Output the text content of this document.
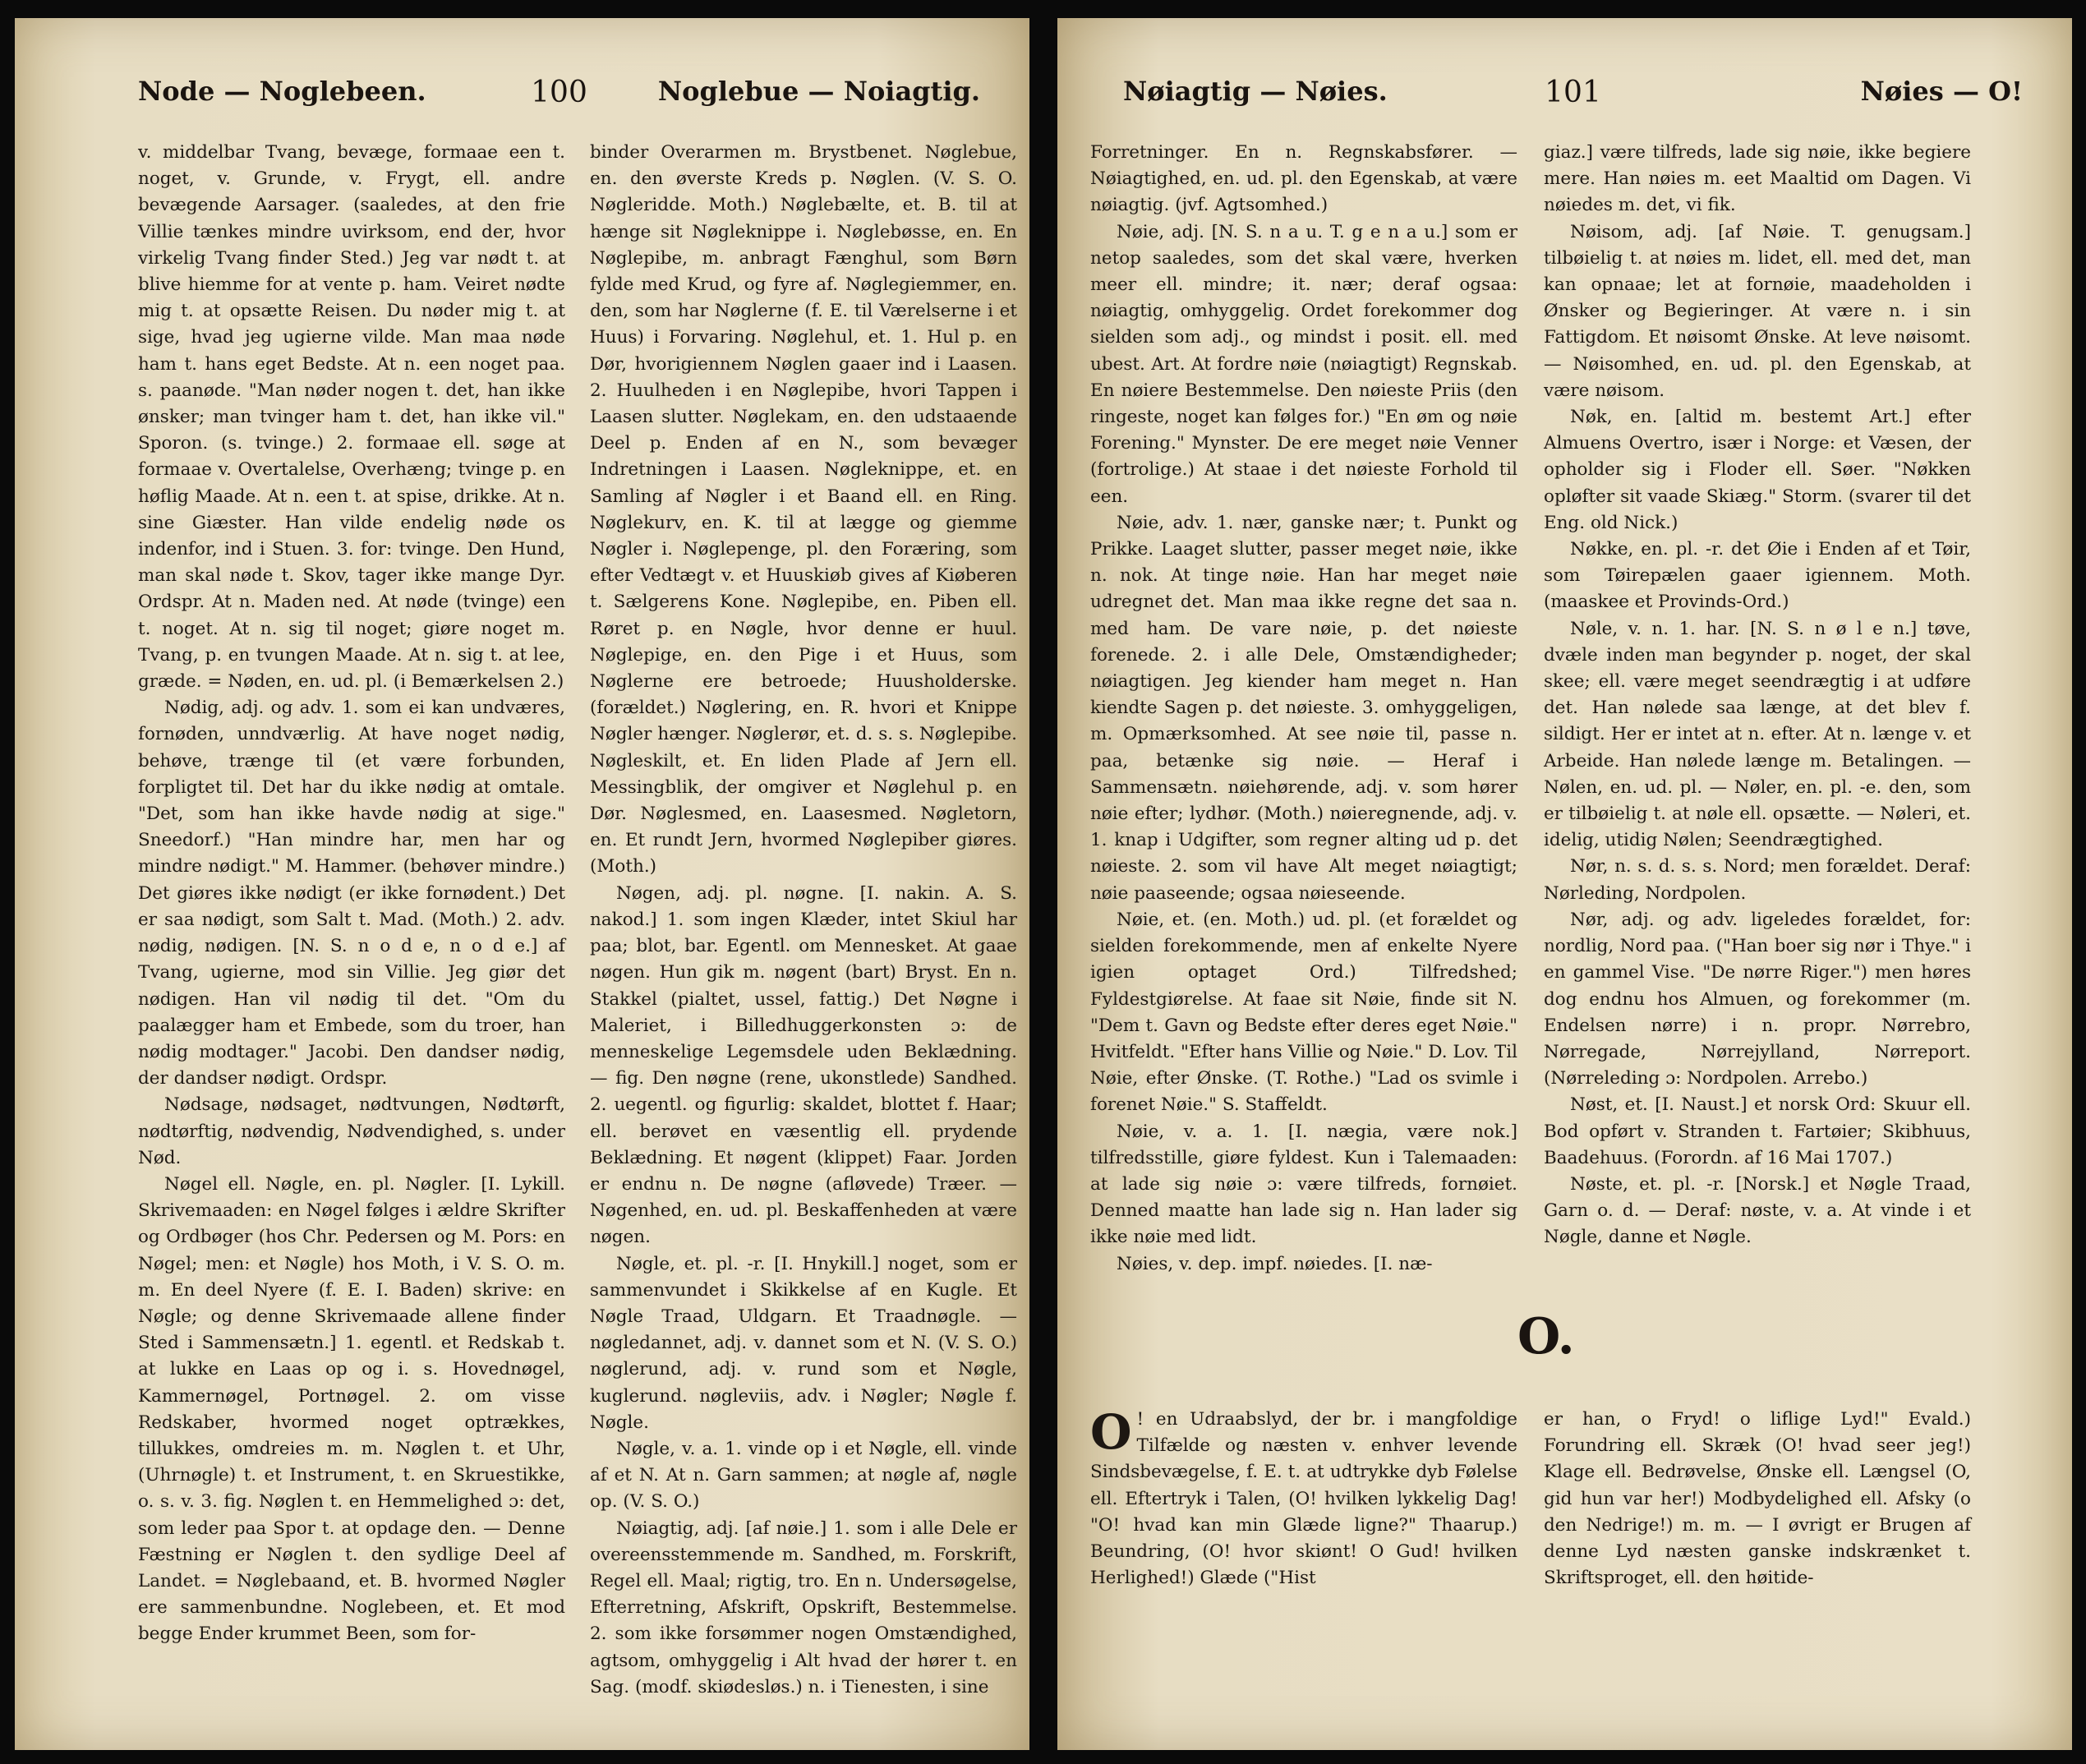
Node — Noglebeen.	100	Noglebue — Noiagtig.

v. middelbar Tvang, bevæge, formaae een t. noget, v. Grunde, v. Frygt, ell. andre bevægende Aarsager. (saaledes, at den frie Villie tænkes mindre uvirksom, end der, hvor virkelig Tvang finder Sted.) Jeg var nødt t. at blive hiemme for at vente p. ham. Veiret nødte mig t. at opsætte Reisen. Du nøder mig t. at sige, hvad jeg ugierne vilde. Man maa nøde ham t. hans eget Bedste. At n. een noget paa. s. paanøde. "Man nøder nogen t. det, han ikke ønsker; man tvinger ham t. det, han ikke vil." Sporon. (s. tvinge.) 2. formaae ell. søge at formaae v. Overtalelse, Overhæng; tvinge p. en høflig Maade. At n. een t. at spise, drikke. At n. sine Giæster. Han vilde endelig nøde os indenfor, ind i Stuen. 3. for: tvinge. Den Hund, man skal nøde t. Skov, tager ikke mange Dyr. Ordspr. At n. Maden ned. At nøde (tvinge) een t. noget. At n. sig til noget; giøre noget m. Tvang, p. en tvungen Maade. At n. sig t. at lee, græde. = Nøden, en. ud. pl. (i Bemærkelsen 2.)

Nødig, adj. og adv. 1. som ei kan undværes, fornøden, unndværlig. At have noget nødig, behøve, trænge til (et være forbunden, forpligtet til. Det har du ikke nødig at omtale. "Det, som han ikke havde nødig at sige." Sneedorf.) "Han mindre har, men har og mindre nødigt." M. Hammer. (behøver mindre.) Det giøres ikke nødigt (er ikke fornødent.) Det er saa nødigt, som Salt t. Mad. (Moth.) 2. adv. nødig, nødigen. [N. S. n o d e, n o d e.] af Tvang, ugierne, mod sin Villie. Jeg giør det nødigen. Han vil nødig til det. "Om du paalægger ham et Embede, som du troer, han nødig modtager." Jacobi. Den dandser nødig, der dandser nødigt. Ordspr.

Nødsage, nødsaget, nødtvungen, Nødtørft, nødtørftig, nødvendig, Nødvendighed, s. under Nød.

Nøgel ell. Nøgle, en. pl. Nøgler. [I. Lykill. Skrivemaaden: en Nøgel følges i ældre Skrifter og Ordbøger (hos Chr. Pedersen og M. Pors: en Nøgel; men: et Nøgle) hos Moth, i V. S. O. m. m. En deel Nyere (f. E. I. Baden) skrive: en Nøgle; og denne Skrivemaade allene finder Sted i Sammensætn.] 1. egentl. et Redskab t. at lukke en Laas op og i. s. Hovednøgel, Kammernøgel, Portnøgel. 2. om visse Redskaber, hvormed noget optrækkes, tillukkes, omdreies m. m. Nøglen t. et Uhr, (Uhrnøgle) t. et Instrument, t. en Skruestikke, o. s. v. 3. fig. Nøglen t. en Hemmelighed ɔ: det, som leder paa Spor t. at opdage den. — Denne Fæstning er Nøglen t. den sydlige Deel af Landet. = Nøglebaand, et. B. hvormed Nøgler ere sammenbundne. Noglebeen, et. Et mod begge Ender krummet Been, som for-

binder Overarmen m. Brystbenet. Nøglebue, en. den øverste Kreds p. Nøglen. (V. S. O. Nøgleridde. Moth.) Nøglebælte, et. B. til at hænge sit Nøgleknippe i. Nøglebøsse, en. En Nøglepibe, m. anbragt Fænghul, som Børn fylde med Krud, og fyre af. Nøglegiemmer, en. den, som har Nøglerne (f. E. til Værelserne i et Huus) i Forvaring. Nøglehul, et. 1. Hul p. en Dør, hvorigiennem Nøglen gaaer ind i Laasen. 2. Huulheden i en Nøglepibe, hvori Tappen i Laasen slutter. Nøglekam, en. den udstaaende Deel p. Enden af en N., som bevæger Indretningen i Laasen. Nøgleknippe, et. en Samling af Nøgler i et Baand ell. en Ring. Nøglekurv, en. K. til at lægge og giemme Nøgler i. Nøglepenge, pl. den Foræring, som efter Vedtægt v. et Huuskiøb gives af Kiøberen t. Sælgerens Kone. Nøglepibe, en. Piben ell. Røret p. en Nøgle, hvor denne er huul. Nøglepige, en. den Pige i et Huus, som Nøglerne ere betroede; Huusholderske. (forældet.) Nøglering, en. R. hvori et Knippe Nøgler hænger. Nøglerør, et. d. s. s. Nøglepibe. Nøgleskilt, et. En liden Plade af Jern ell. Messingblik, der omgiver et Nøglehul p. en Dør. Nøglesmed, en. Laasesmed. Nøgletorn, en. Et rundt Jern, hvormed Nøglepiber giøres. (Moth.)

Nøgen, adj. pl. nøgne. [I. nakin. A. S. nakod.] 1. som ingen Klæder, intet Skiul har paa; blot, bar. Egentl. om Mennesket. At gaae nøgen. Hun gik m. nøgent (bart) Bryst. En n. Stakkel (pialtet, ussel, fattig.) Det Nøgne i Maleriet, i Billedhuggerkonsten ɔ: de menneskelige Legemsdele uden Beklædning. — fig. Den nøgne (rene, ukonstlede) Sandhed. 2. uegentl. og figurlig: skaldet, blottet f. Haar; ell. berøvet en væsentlig ell. prydende Beklædning. Et nøgent (klippet) Faar. Jorden er endnu n. De nøgne (afløvede) Træer. — Nøgenhed, en. ud. pl. Beskaffenheden at være nøgen.

Nøgle, et. pl. -r. [I. Hnykill.] noget, som er sammenvundet i Skikkelse af en Kugle. Et Nøgle Traad, Uldgarn. Et Traadnøgle. — nøgledannet, adj. v. dannet som et N. (V. S. O.) nøglerund, adj. v. rund som et Nøgle, kuglerund. nøgleviis, adv. i Nøgler; Nøgle f. Nøgle.

Nøgle, v. a. 1. vinde op i et Nøgle, ell. vinde af et N. At n. Garn sammen; at nøgle af, nøgle op. (V. S. O.)

Nøiagtig, adj. [af nøie.] 1. som i alle Dele er overeensstemmende m. Sandhed, m. Forskrift, Regel ell. Maal; rigtig, tro. En n. Undersøgelse, Efterretning, Afskrift, Opskrift, Bestemmelse. 2. som ikke forsømmer nogen Omstændighed, agtsom, omhyggelig i Alt hvad der hører t. en Sag. (modf. skiødesløs.) n. i Tienesten, i sine

Nøiagtig — Nøies.	101	Nøies — O!

Forretninger. En n. Regnskabsfører. — Nøiagtighed, en. ud. pl. den Egenskab, at være nøiagtig. (jvf. Agtsomhed.)

Nøie, adj. [N. S. n a u. T. g e n a u.] som er netop saaledes, som det skal være, hverken meer ell. mindre; it. nær; deraf ogsaa: nøiagtig, omhyggelig. Ordet forekommer dog sielden som adj., og mindst i posit. ell. med ubest. Art. At fordre nøie (nøiagtigt) Regnskab. En nøiere Bestemmelse. Den nøieste Priis (den ringeste, noget kan følges for.) "En øm og nøie Forening." Mynster. De ere meget nøie Venner (fortrolige.) At staae i det nøieste Forhold til een.

Nøie, adv. 1. nær, ganske nær; t. Punkt og Prikke. Laaget slutter, passer meget nøie, ikke n. nok. At tinge nøie. Han har meget nøie udregnet det. Man maa ikke regne det saa n. med ham. De vare nøie, p. det nøieste forenede. 2. i alle Dele, Omstændigheder; nøiagtigen. Jeg kiender ham meget n. Han kiendte Sagen p. det nøieste. 3. omhyggeligen, m. Opmærksomhed. At see nøie til, passe n. paa, betænke sig nøie. — Heraf i Sammensætn. nøiehørende, adj. v. som hører nøie efter; lydhør. (Moth.) nøieregnende, adj. v. 1. knap i Udgifter, som regner alting ud p. det nøieste. 2. som vil have Alt meget nøiagtigt; nøie paaseende; ogsaa nøieseende.

Nøie, et. (en. Moth.) ud. pl. (et forældet og sielden forekommende, men af enkelte Nyere igien optaget Ord.) Tilfredshed; Fyldestgiørelse. At faae sit Nøie, finde sit N. "Dem t. Gavn og Bedste efter deres eget Nøie." Hvitfeldt. "Efter hans Villie og Nøie." D. Lov. Til Nøie, efter Ønske. (T. Rothe.) "Lad os svimle i forenet Nøie." S. Staffeldt.

Nøie, v. a. 1. [I. nægia, være nok.] tilfredsstille, giøre fyldest. Kun i Talemaaden: at lade sig nøie ɔ: være tilfreds, fornøiet. Denned maatte han lade sig n. Han lader sig ikke nøie med lidt.

Nøies, v. dep. impf. nøiedes. [I. næ-

giaz.] være tilfreds, lade sig nøie, ikke begiere mere. Han nøies m. eet Maaltid om Dagen. Vi nøiedes m. det, vi fik.

Nøisom, adj. [af Nøie. T. genugsam.] tilbøielig t. at nøies m. lidet, ell. med det, man kan opnaae; let at fornøie, maadeholden i Ønsker og Begieringer. At være n. i sin Fattigdom. Et nøisomt Ønske. At leve nøisomt. — Nøisomhed, en. ud. pl. den Egenskab, at være nøisom.

Nøk, en. [altid m. bestemt Art.] efter Almuens Overtro, især i Norge: et Væsen, der opholder sig i Floder ell. Søer. "Nøkken opløfter sit vaade Skiæg." Storm. (svarer til det Eng. old Nick.)

Nøkke, en. pl. -r. det Øie i Enden af et Tøir, som Tøirepælen gaaer igiennem. Moth. (maaskee et Provinds-Ord.)

Nøle, v. n. 1. har. [N. S. n ø l e n.] tøve, dvæle inden man begynder p. noget, der skal skee; ell. være meget seendrægtig i at udføre det. Han nølede saa længe, at det blev f. sildigt. Her er intet at n. efter. At n. længe v. et Arbeide. Han nølede længe m. Betalingen. — Nølen, en. ud. pl. — Nøler, en. pl. -e. den, som er tilbøielig t. at nøle ell. opsætte. — Nøleri, et. idelig, utidig Nølen; Seendrægtighed.

Nør, n. s. d. s. s. Nord; men forældet. Deraf: Nørleding, Nordpolen.

Nør, adj. og adv. ligeledes forældet, for: nordlig, Nord paa. ("Han boer sig nør i Thye." i en gammel Vise. "De nørre Riger.") men høres dog endnu hos Almuen, og forekommer (m. Endelsen nørre) i n. propr. Nørrebro, Nørregade, Nørrejylland, Nørreport. (Nørreleding ɔ: Nordpolen. Arrebo.)

Nøst, et. [I. Naust.] et norsk Ord: Skuur ell. Bod opført v. Stranden t. Fartøier; Skibhuus, Baadehuus. (Forordn. af 16 Mai 1707.)

Nøste, et. pl. -r. [Norsk.] et Nøgle Traad, Garn o. d. — Deraf: nøste, v. a. At vinde i et Nøgle, danne et Nøgle.

O.

O ! en Udraabslyd, der br. i mangfoldige Tilfælde og næsten v. enhver levende Sindsbevægelse, f. E. t. at udtrykke dyb Følelse ell. Eftertryk i Talen, (O! hvilken lykkelig Dag! "O! hvad kan min Glæde ligne?" Thaarup.) Beundring, (O! hvor skiønt! O Gud! hvilken Herlighed!) Glæde ("Hist

er han, o Fryd! o liflige Lyd!" Evald.) Forundring ell. Skræk (O! hvad seer jeg!) Klage ell. Bedrøvelse, Ønske ell. Længsel (O, gid hun var her!) Modbydelighed ell. Afsky (o den Nedrige!) m. m. — I øvrigt er Brugen af denne Lyd næsten ganske indskrænket t. Skriftsproget, ell. den høitide-
